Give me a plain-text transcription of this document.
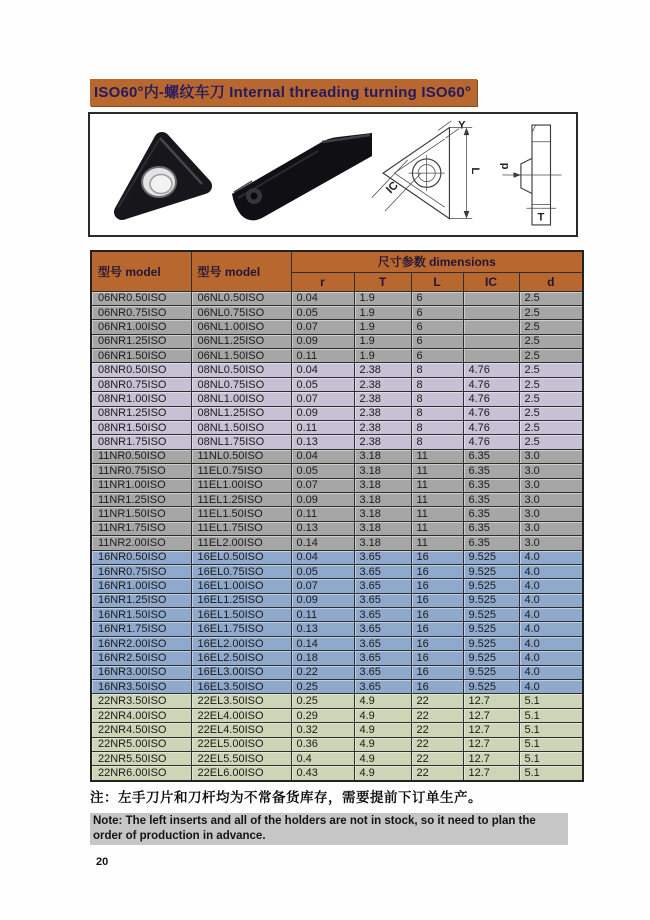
ISO60°内-螺纹车刀 Internal threading turning ISO60°
Y
L
IC
d
T
型号 model	型号 model	尺寸参数 dimensions				
		r	T	L	IC	d
06NR0.50ISO	06NL0.50ISO	0.04	1.9	6		2.5
06NR0.75ISO	06NL0.75ISO	0.05	1.9	6		2.5
06NR1.00ISO	06NL1.00ISO	0.07	1.9	6		2.5
06NR1.25ISO	06NL1.25ISO	0.09	1.9	6		2.5
06NR1.50ISO	06NL1.50ISO	0.11	1.9	6		2.5
08NR0.50ISO	08NL0.50ISO	0.04	2.38	8	4.76	2.5
08NR0.75ISO	08NL0.75ISO	0.05	2.38	8	4.76	2.5
08NR1.00ISO	08NL1.00ISO	0.07	2.38	8	4.76	2.5
08NR1.25ISO	08NL1.25ISO	0.09	2.38	8	4.76	2.5
08NR1.50ISO	08NL1.50ISO	0.11	2.38	8	4.76	2.5
08NR1.75ISO	08NL1.75ISO	0.13	2.38	8	4.76	2.5
11NR0.50ISO	11NL0.50ISO	0.04	3.18	11	6.35	3.0
11NR0.75ISO	11EL0.75ISO	0.05	3.18	11	6.35	3.0
11NR1.00ISO	11EL1.00ISO	0.07	3.18	11	6.35	3.0
11NR1.25ISO	11EL1.25ISO	0.09	3.18	11	6.35	3.0
11NR1.50ISO	11EL1.50ISO	0.11	3.18	11	6.35	3.0
11NR1.75ISO	11EL1.75ISO	0.13	3.18	11	6.35	3.0
11NR2.00ISO	11EL2.00ISO	0.14	3.18	11	6.35	3.0
16NR0.50ISO	16EL0.50ISO	0.04	3.65	16	9.525	4.0
16NR0.75ISO	16EL0.75ISO	0.05	3.65	16	9.525	4.0
16NR1.00ISO	16EL1.00ISO	0.07	3.65	16	9.525	4.0
16NR1.25ISO	16EL1.25ISO	0.09	3.65	16	9.525	4.0
16NR1.50ISO	16EL1.50ISO	0.11	3.65	16	9.525	4.0
16NR1.75ISO	16EL1.75ISO	0.13	3.65	16	9.525	4.0
16NR2.00ISO	16EL2.00ISO	0.14	3.65	16	9.525	4.0
16NR2.50ISO	16EL2.50ISO	0.18	3.65	16	9.525	4.0
16NR3.00ISO	16EL3.00ISO	0.22	3.65	16	9.525	4.0
16NR3.50ISO	16EL3.50ISO	0.25	3.65	16	9.525	4.0
22NR3.50ISO	22EL3.50ISO	0.25	4.9	22	12.7	5.1
22NR4.00ISO	22EL4.00ISO	0.29	4.9	22	12.7	5.1
22NR4.50ISO	22EL4.50ISO	0.32	4.9	22	12.7	5.1
22NR5.00ISO	22EL5.00ISO	0.36	4.9	22	12.7	5.1
22NR5.50ISO	22EL5.50ISO	0.4	4.9	22	12.7	5.1
22NR6.00ISO	22EL6.00ISO	0.43	4.9	22	12.7	5.1
注：左手刀片和刀杆均为不常备货库存，需要提前下订单生产。
Note: The left inserts and all of the holders are not in stock, so it need to plan the order of production in advance.
20
